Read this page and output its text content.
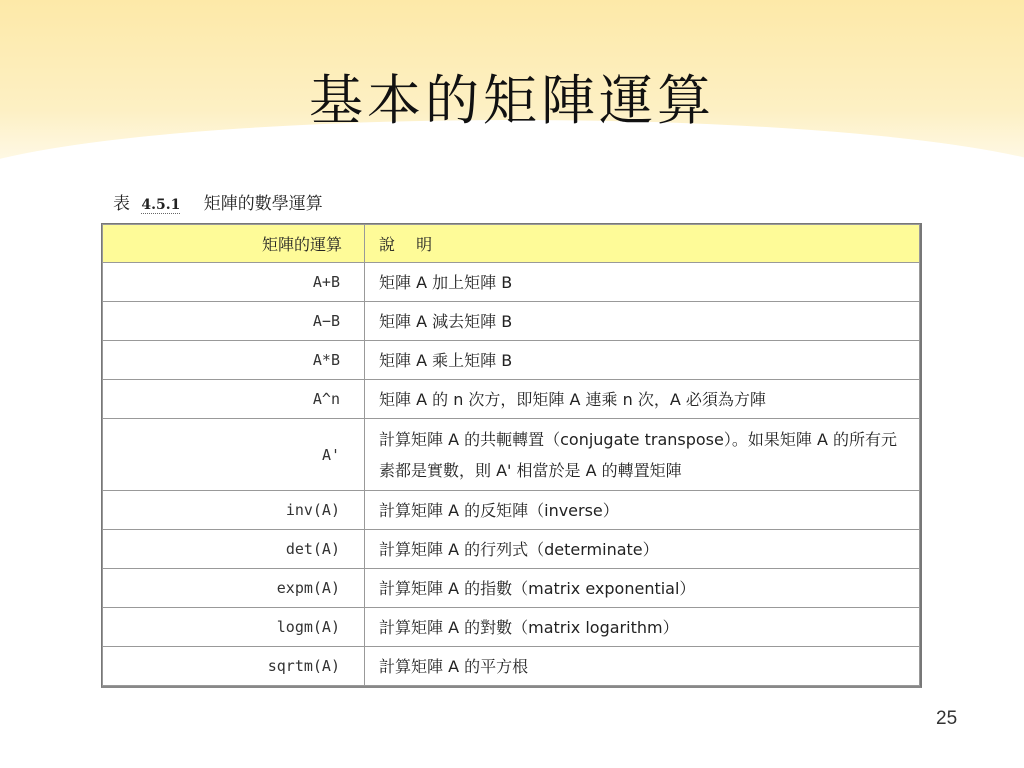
基本的矩陣運算
表 4.5.1 矩陣的數學運算
矩陣的運算	說 明
A+B	矩陣 A 加上矩陣 B
A−B	矩陣 A 減去矩陣 B
A*B	矩陣 A 乘上矩陣 B
A^n	矩陣 A 的 n 次方，即矩陣 A 連乘 n 次，A 必須為方陣
A'	計算矩陣 A 的共軛轉置（conjugate transpose）。如果矩陣 A 的所有元素都是實數，則 A' 相當於是 A 的轉置矩陣
inv(A)	計算矩陣 A 的反矩陣（inverse）
det(A)	計算矩陣 A 的行列式（determinate）
expm(A)	計算矩陣 A 的指數（matrix exponential）
logm(A)	計算矩陣 A 的對數（matrix logarithm）
sqrtm(A)	計算矩陣 A 的平方根
25
